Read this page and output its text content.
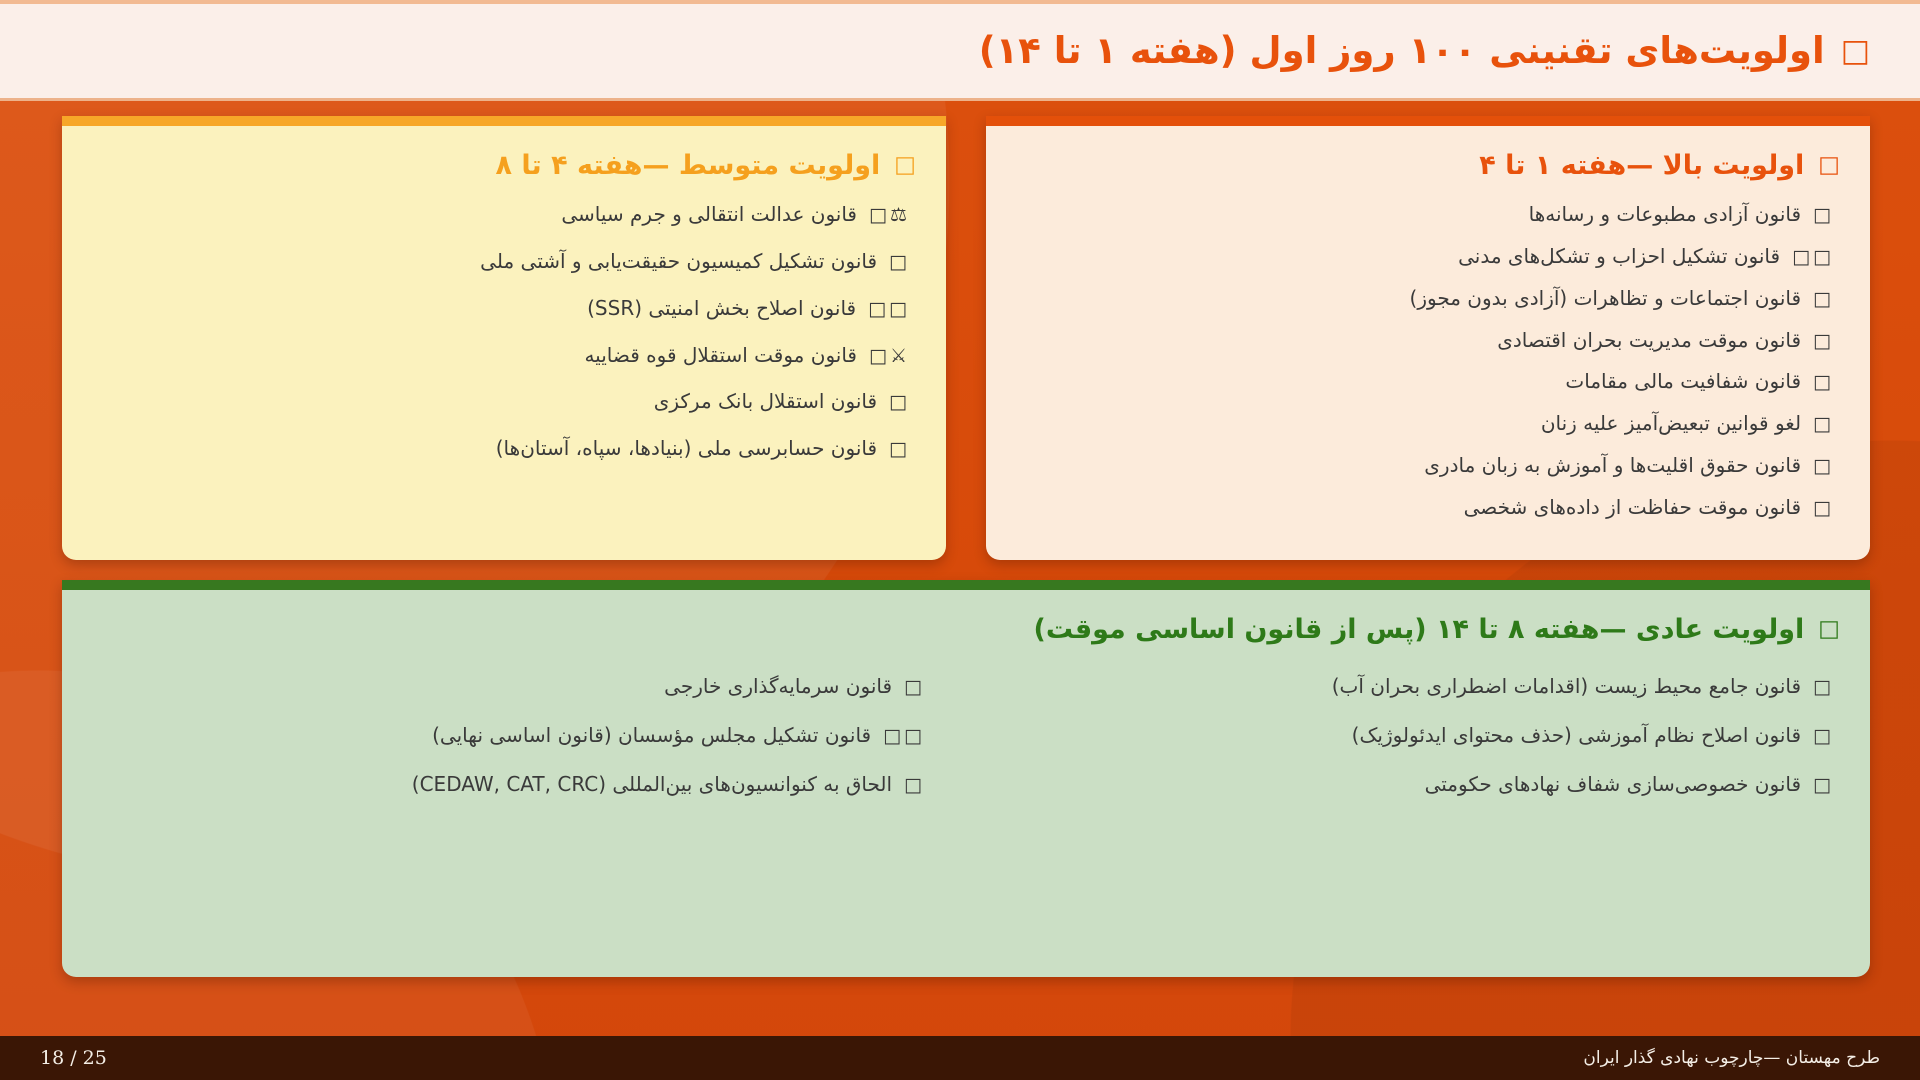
□
اولویت‌های تقنینی ۱۰۰ روز اول (هفته ۱ تا ۱۴)
□
اولویت بالا —هفته ۱ تا ۴
□قانون آزادی مطبوعات و رسانه‌ها
□□قانون تشکیل احزاب و تشکل‌های مدنی
□قانون اجتماعات و تظاهرات (آزادی بدون مجوز)
□قانون موقت مدیریت بحران اقتصادی
□قانون شفافیت مالی مقامات
□لغو قوانین تبعیض‌آمیز علیه زنان
□قانون حقوق اقلیت‌ها و آموزش به زبان مادری
□قانون موقت حفاظت از داده‌های شخصی
□
اولویت متوسط —هفته ۴ تا ۸
⚖□قانون عدالت انتقالی و جرم سیاسی
□قانون تشکیل کمیسیون حقیقت‌یابی و آشتی ملی
□□قانون اصلاح بخش امنیتی (SSR)
⚔□قانون موقت استقلال قوه قضاییه
□قانون استقلال بانک مرکزی
□قانون حسابرسی ملی (بنیادها، سپاه، آستان‌ها)
□
اولویت عادی —هفته ۸ تا ۱۴ (پس از قانون اساسی موقت)
□قانون جامع محیط زیست (اقدامات اضطراری بحران آب)
□قانون اصلاح نظام آموزشی (حذف محتوای ایدئولوژیک)
□قانون خصوصی‌سازی شفاف نهادهای حکومتی
□قانون سرمایه‌گذاری خارجی
□□قانون تشکیل مجلس مؤسسان (قانون اساسی نهایی)
□الحاق به کنوانسیون‌های بین‌المللی (CEDAW, CAT, CRC)
18 / 25	طرح مهستان —چارچوب نهادی گذار ایران
